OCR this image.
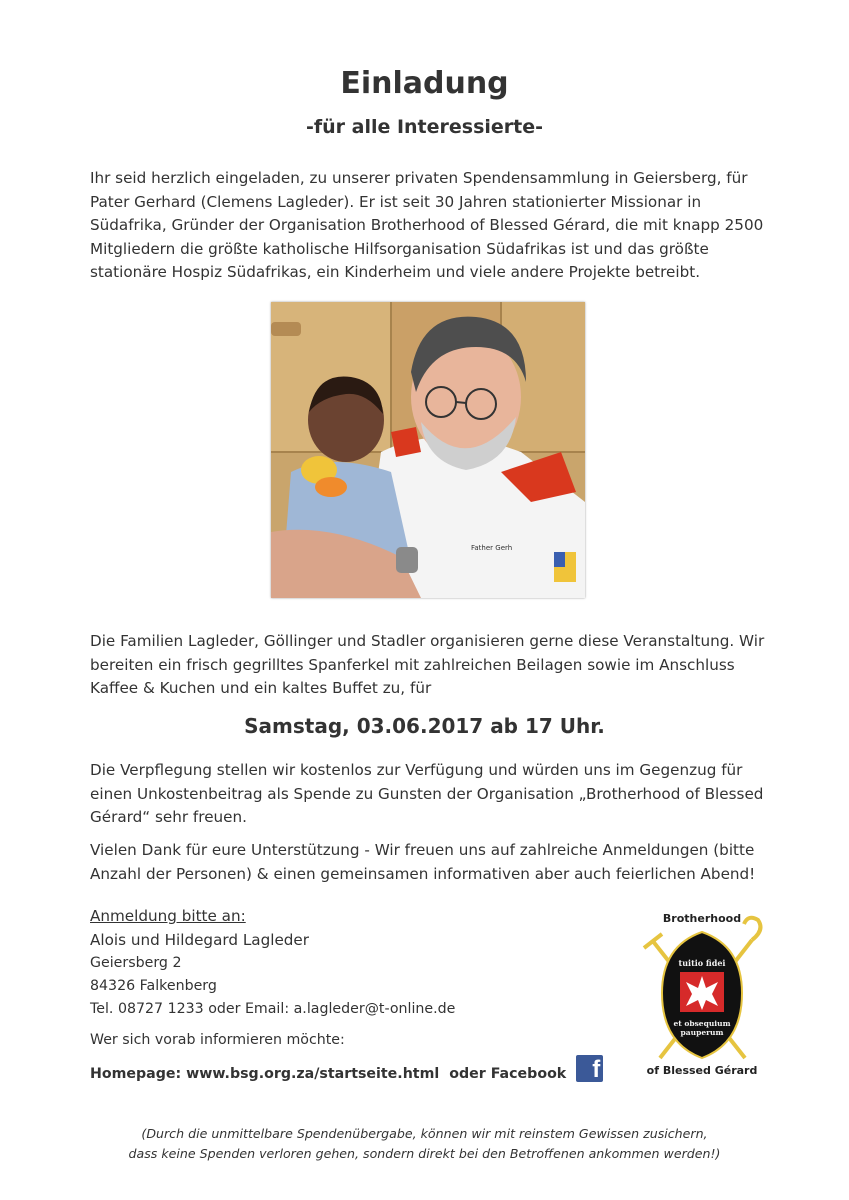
Einladung
-für alle Interessierte-
Ihr seid herzlich eingeladen, zu unserer privaten Spendensammlung in Geiersberg, für Pater Gerhard (Clemens Lagleder). Er ist seit 30 Jahren stationierter Missionar in Südafrika, Gründer der Organisation Brotherhood of Blessed Gérard, die mit knapp 2500 Mitgliedern die größte katholische Hilfsorganisation Südafrikas ist und das größte stationäre Hospiz Südafrikas, ein Kinderheim und viele andere Projekte betreibt.
Father Gerh
Die Familien Lagleder, Göllinger und Stadler organisieren gerne diese Veranstaltung. Wir bereiten ein frisch gegrilltes Spanferkel mit zahlreichen Beilagen sowie im Anschluss Kaffee & Kuchen und ein kaltes Buffet zu, für
Samstag, 03.06.2017 ab 17 Uhr.
Die Verpflegung stellen wir kostenlos zur Verfügung und würden uns im Gegenzug für einen Unkostenbeitrag als Spende zu Gunsten der Organisation „Brotherhood of Blessed Gérard“ sehr freuen.
Vielen Dank für eure Unterstützung - Wir freuen uns auf zahlreiche Anmeldungen (bitte Anzahl der Personen) & einen gemeinsamen informativen aber auch feierlichen Abend!
Anmeldung bitte an:
Alois und Hildegard Lagleder
Geiersberg 2
84326 Falkenberg
Tel. 08727 1233 oder Email: a.lagleder@t-online.de
Wer sich vorab informieren möchte:
Homepage: www.bsg.org.za/startseite.html oder Facebook	f
Brotherhood
tuitio fidei
et obsequium
pauperum
of Blessed Gérard
(Durch die unmittelbare Spendenübergabe, können wir mit reinstem Gewissen zusichern,
dass keine Spenden verloren gehen, sondern direkt bei den Betroffenen ankommen werden!)
